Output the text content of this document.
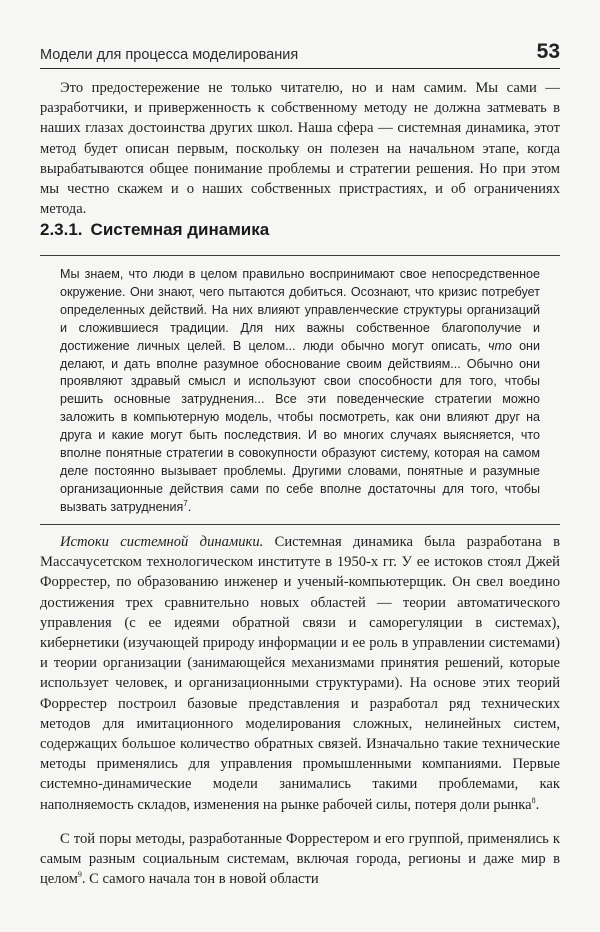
Модели для процесса моделирования	53

Это предостережение не только читателю, но и нам самим. Мы сами — разработчики, и приверженность к собственному методу не должна затмевать в наших глазах достоинства других школ. Наша сфера — системная динамика, этот метод будет описан первым, поскольку он полезен на начальном этапе, когда вырабатываются общее понимание проблемы и стратегии решения. Но при этом мы честно скажем и о наших собственных пристрастиях, и об ограничениях метода.

2.3.1. Системная динамика

Мы знаем, что люди в целом правильно воспринимают свое непосредственное окружение. Они знают, чего пытаются добиться. Осознают, что кризис потребует определенных действий. На них влияют управленческие структуры организаций и сложившиеся традиции. Для них важны собственное благополучие и достижение личных целей. В целом... люди обычно могут описать, что они делают, и дать вполне разумное обоснование своим действиям... Обычно они проявляют здравый смысл и используют свои способности для того, чтобы решить основные затруднения... Все эти поведенческие стратегии можно заложить в компьютерную модель, чтобы посмотреть, как они влияют друг на друга и какие могут быть последствия. И во многих случаях выясняется, что вполне понятные стратегии в совокупности образуют систему, которая на самом деле постоянно вызывает проблемы. Другими словами, понятные и разумные организационные действия сами по себе вполне достаточны для того, чтобы вызвать затруднения$^7$.

Истоки системной динамики. Системная динамика была разработана в Массачусетском технологическом институте в 1950-х гг. У ее истоков стоял Джей Форрестер, по образованию инженер и ученый-компьютерщик. Он свел воедино достижения трех сравнительно новых областей — теории автоматического управления (с ее идеями обратной связи и саморегуляции в системах), кибернетики (изучающей природу информации и ее роль в управлении системами) и теории организации (занимающейся механизмами принятия решений, которые использует человек, и организационными структурами). На основе этих теорий Форрестер построил базовые представления и разработал ряд технических методов для имитационного моделирования сложных, нелинейных систем, содержащих большое количество обратных связей. Изначально такие технические методы применялись для управления промышленными компаниями. Первые системно-динамические модели занимались такими проблемами, как наполняемость складов, изменения на рынке рабочей силы, потеря доли рынка$^8$.

С той поры методы, разработанные Форрестером и его группой, применялись к самым разным социальным системам, включая города, регионы и даже мир в целом$^9$. С самого начала тон в новой области
